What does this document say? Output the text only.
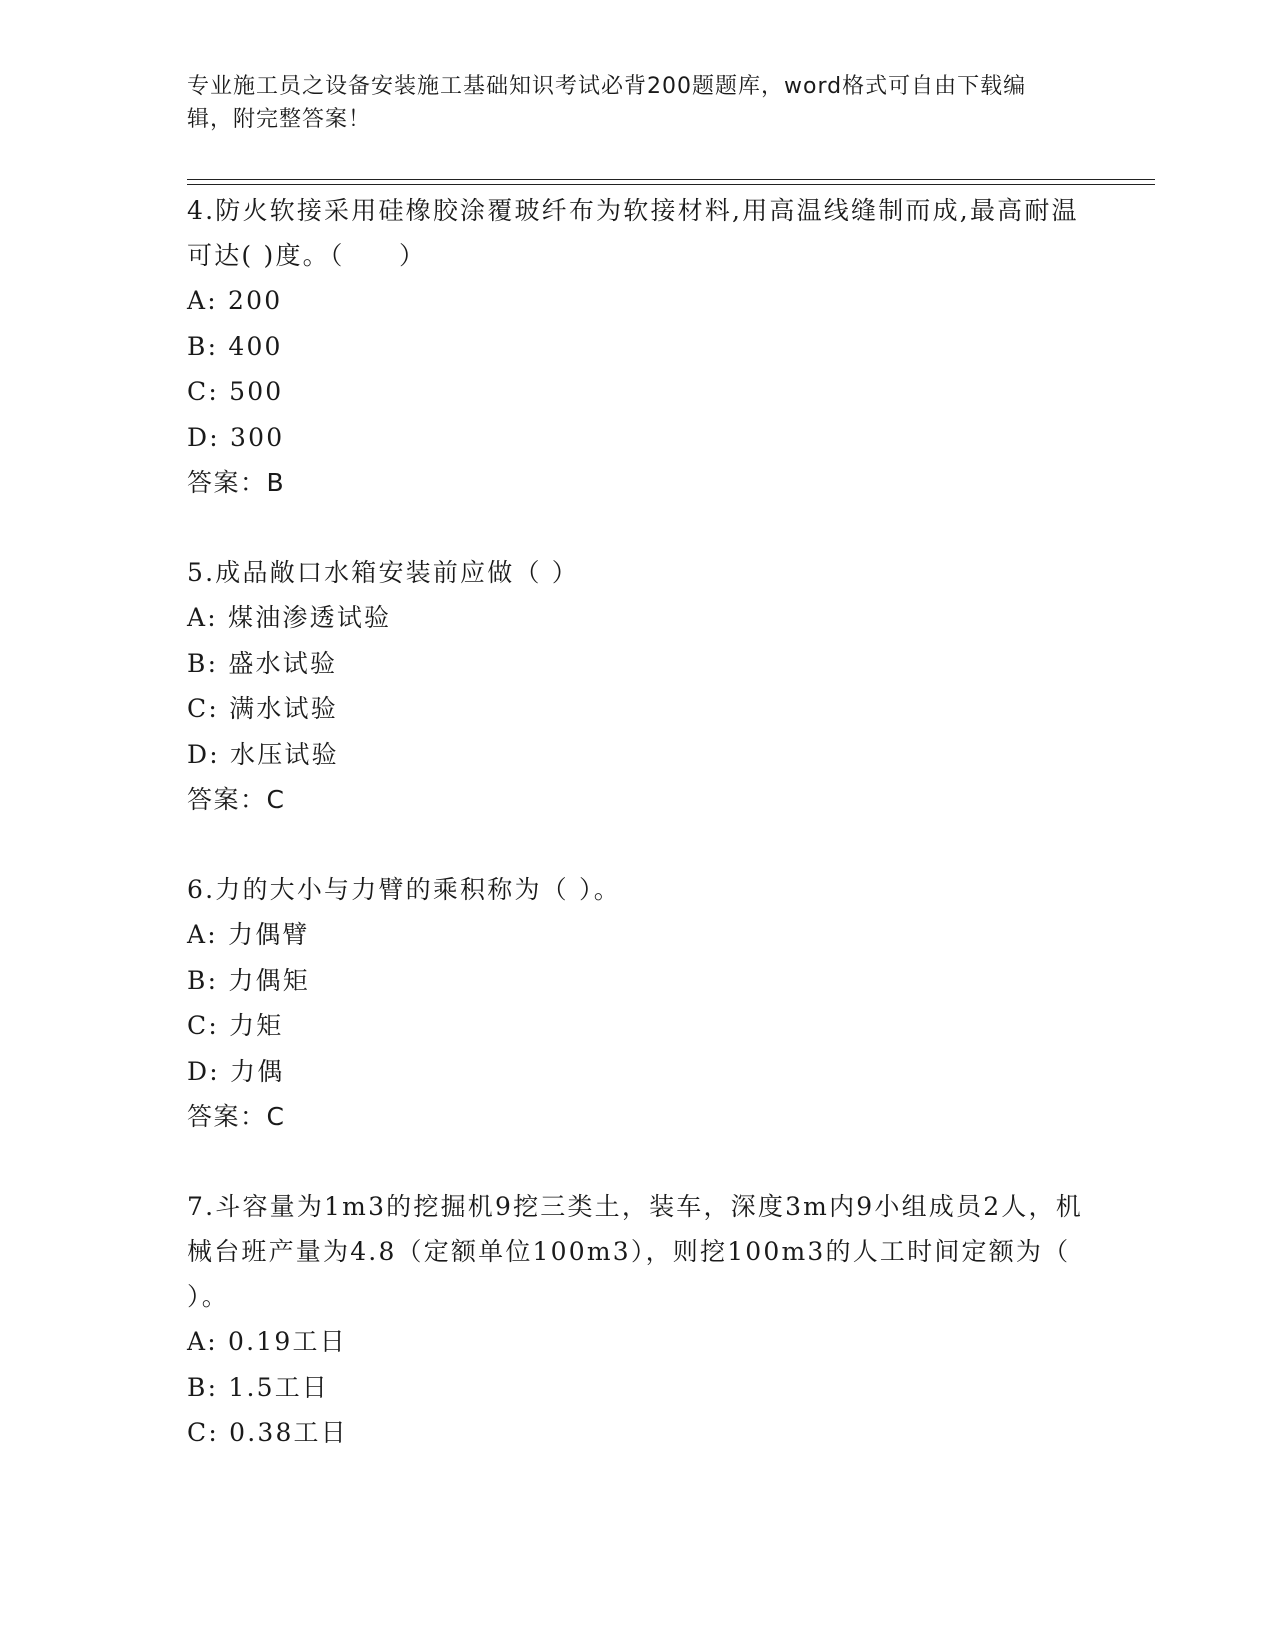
专业施工员之设备安装施工基础知识考试必背200题题库，word格式可自由下载编辑，附完整答案！

4.防火软接采用硅橡胶涂覆玻纤布为软接材料,用高温线缝制而成,最高耐温可达( )度。（　　）

A: 200

B: 400

C: 500

D: 300

答案：B

5.成品敞口水箱安装前应做（ ）

A: 煤油渗透试验

B: 盛水试验

C: 满水试验

D: 水压试验

答案：C

6.力的大小与力臂的乘积称为（ ）。

A: 力偶臂

B: 力偶矩

C: 力矩

D: 力偶

答案：C

7.斗容量为1m3的挖掘机9挖三类土，装车，深度3m内9小组成员2人，机械台班产量为4.8（定额单位100m3），则挖100m3的人工时间定额为（ ）。

A: 0.19工日

B: 1.5工日

C: 0.38工日
